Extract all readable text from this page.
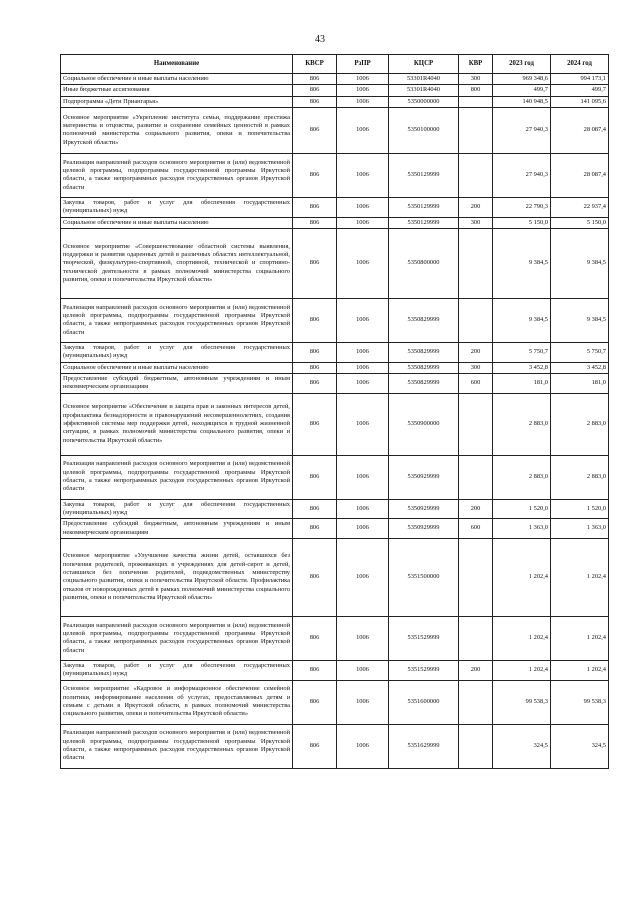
43
Наименование	КВСР	РзПР	КЦСР	КВР	2023 год	2024 год
Социальное обеспечение и иные выплаты населению	806	1006	53301R4040	300	969 348,6	994 173,1
Иные бюджетные ассигнования	806	1006	53301R4040	800	499,7	499,7
Подпрограмма «Дети Приангарья»	806	1006	5350000000		140 948,5	141 095,6
Основное мероприятие «Укрепление института семьи, поддержание престижа материнства и отцовства, развитие и сохранение семейных ценностей в рамках полномочий министерства социального развития, опеки и попечительства Иркутской области»	806	1006	5350100000		27 940,3	28 087,4
Реализация направлений расходов основного мероприятия и (или) ведомственной целевой программы, подпрограммы государственной программы Иркутской области, а также непрограммных расходов государственных органов Иркутской области	806	1006	5350129999		27 940,3	28 087,4
Закупка товаров, работ и услуг для обеспечения государственных (муниципальных) нужд	806	1006	5350129999	200	22 790,3	22 937,4
Социальное обеспечение и иные выплаты населению	806	1006	5350129999	300	5 150,0	5 150,0
Основное мероприятие «Совершенствование областной системы выявления, поддержки и развития одаренных детей в различных областях интеллектуальной, творческой, физкультурно-спортивной, спортивной, технической и спортивно-технической деятельности в рамках полномочий министерства социального развития, опеки и попечительства Иркутской области»	806	1006	5350800000		9 384,5	9 384,5
Реализация направлений расходов основного мероприятия и (или) ведомственной целевой программы, подпрограммы государственной программы Иркутской области, а также непрограммных расходов государственных органов Иркутской области	806	1006	5350829999		9 384,5	9 384,5
Закупка товаров, работ и услуг для обеспечения государственных (муниципальных) нужд	806	1006	5350829999	200	5 750,7	5 750,7
Социальное обеспечение и иные выплаты населению	806	1006	5350829999	300	3 452,8	3 452,8
Предоставление субсидий бюджетным, автономным учреждениям и иным некоммерческим организациям	806	1006	5350829999	600	181,0	181,0
Основное мероприятие «Обеспечение и защита прав и законных интересов детей, профилактика безнадзорности и правонарушений несовершеннолетних, создания эффективной системы мер поддержки детей, находящихся в трудной жизненной ситуации, в рамках полномочий министерства социального развития, опеки и попечительства Иркутской области»	806	1006	5350900000		2 883,0	2 883,0
Реализация направлений расходов основного мероприятия и (или) ведомственной целевой программы, подпрограммы государственной программы Иркутской области, а также непрограммных расходов государственных органов Иркутской области	806	1006	5350929999		2 883,0	2 883,0
Закупка товаров, работ и услуг для обеспечения государственных (муниципальных) нужд	806	1006	5350929999	200	1 520,0	1 520,0
Предоставление субсидий бюджетным, автономным учреждениям и иным некоммерческим организациям	806	1006	5350929999	600	1 363,0	1 363,0
Основное мероприятие «Улучшение качества жизни детей, оставшихся без попечения родителей, проживающих в учреждениях для детей-сирот и детей, оставшихся без попечения родителей, подведомственных министерству социального развития, опеки и попечительства Иркутской области. Профилактика отказов от новорожденных детей в рамках полномочий министерства социального развития, опеки и попечительства Иркутской области»	806	1006	5351500000		1 202,4	1 202,4
Реализация направлений расходов основного мероприятия и (или) ведомственной целевой программы, подпрограммы государственной программы Иркутской области, а также непрограммных расходов государственных органов Иркутской области	806	1006	5351529999		1 202,4	1 202,4
Закупка товаров, работ и услуг для обеспечения государственных (муниципальных) нужд	806	1006	5351529999	200	1 202,4	1 202,4
Основное мероприятие «Кадровое и информационное обеспечение семейной политики, информирование населения об услугах, предоставляемых детям и семьям с детьми в Иркутской области, в рамках полномочий министерства социального развития, опеки и попечительства Иркутской области»	806	1006	5351600000		99 538,3	99 538,3
Реализация направлений расходов основного мероприятия и (или) ведомственной целевой программы, подпрограммы государственной программы Иркутской области, а также непрограммных расходов государственных органов Иркутской области	806	1006	5351629999		324,5	324,5
